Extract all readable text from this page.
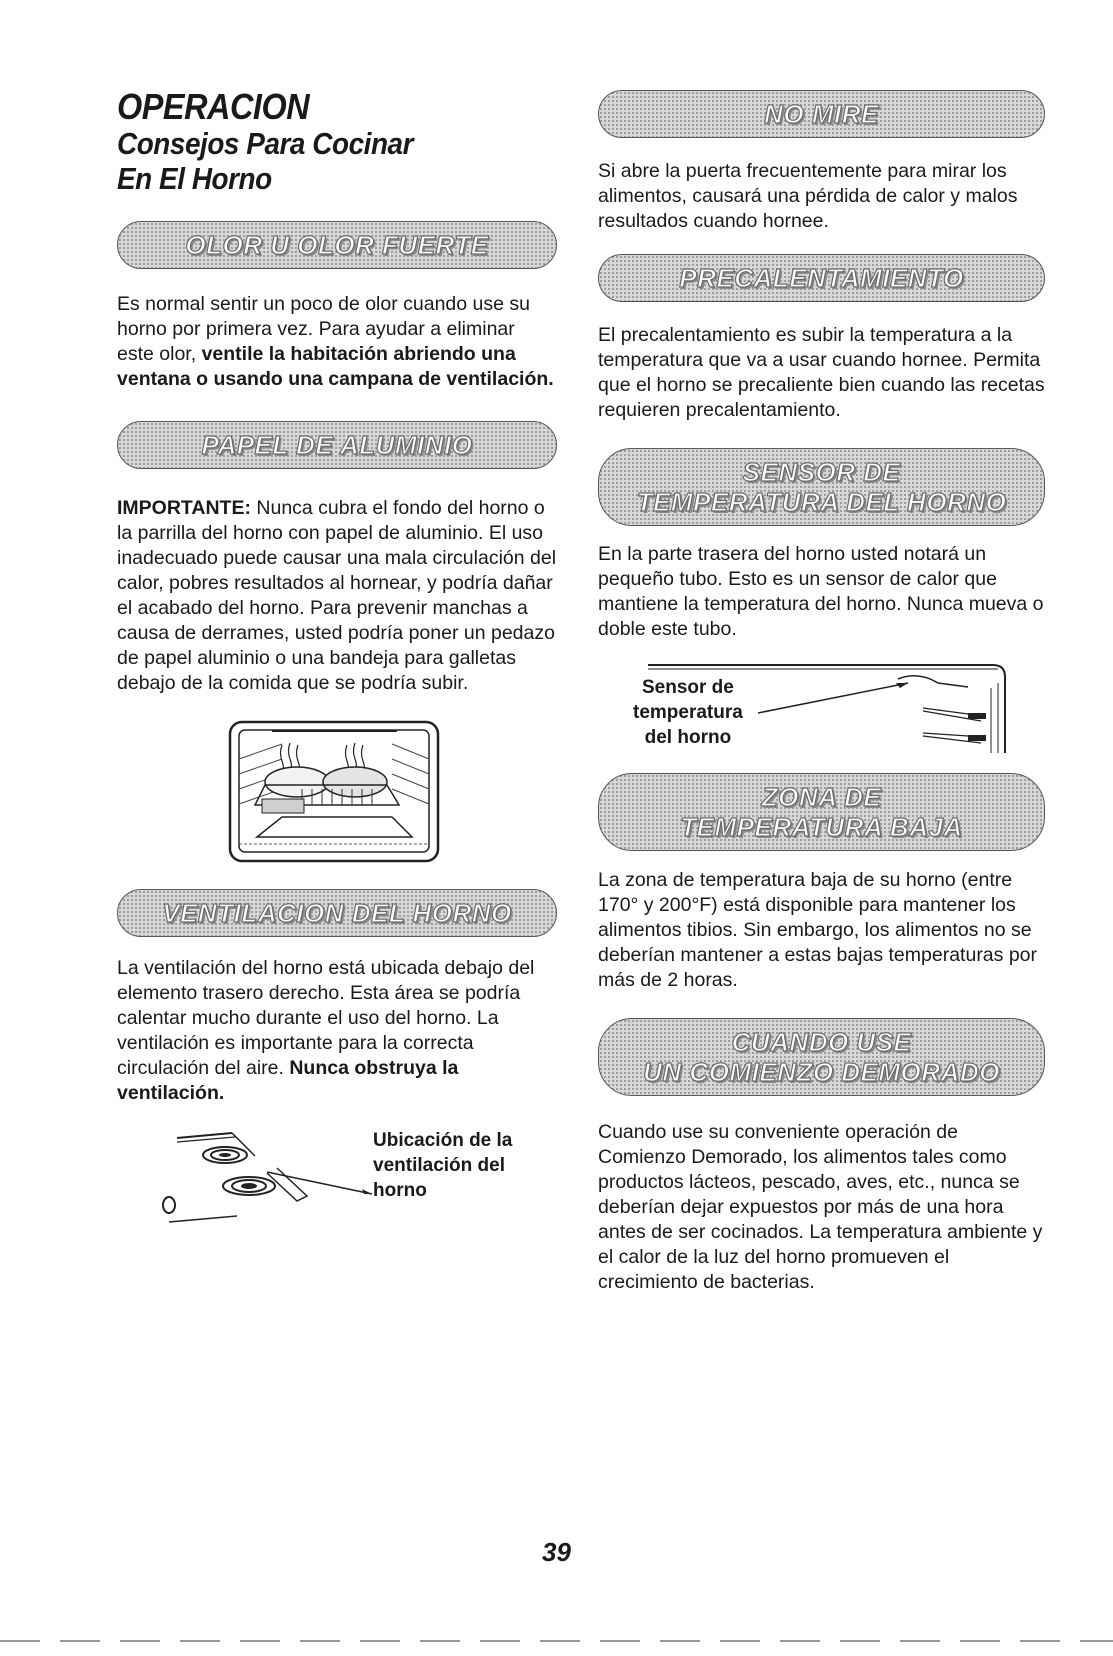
OPERACION
Consejos Para Cocinar
En El Horno
OLOR U OLOR FUERTE

Es normal sentir un poco de olor cuando use su horno por primera vez. Para ayudar a eliminar este olor, ventile la habitación abriendo una ventana o usando una campana de ventilación.

PAPEL DE ALUMINIO

IMPORTANTE: Nunca cubra el fondo del horno o la parrilla del horno con papel de aluminio. El uso inadecuado puede causar una mala circulación del calor, pobres resultados al hornear, y podría dañar el acabado del horno. Para prevenir manchas a causa de derrames, usted podría poner un pedazo de papel aluminio o una bandeja para galletas debajo de la comida que se podría subir.

VENTILACION DEL HORNO

La ventilación del horno está ubicada debajo del elemento trasero derecho. Esta área se podría calentar mucho durante el uso del horno. La ventilación es importante para la correcta circulación del aire. Nunca obstruya la ventilación.

Ubicación de la
ventilación del
horno
NO MIRE

Si abre la puerta frecuentemente para mirar los alimentos, causará una pérdida de calor y malos resultados cuando hornee.

PRECALENTAMIENTO

El precalentamiento es subir la temperatura a la temperatura que va a usar cuando hornee. Permita que el horno se precaliente bien cuando las recetas requieren precalentamiento.

SENSOR DE
TEMPERATURA DEL HORNO

En la parte trasera del horno usted notará un pequeño tubo. Esto es un sensor de calor que mantiene la temperatura del horno. Nunca mueva o doble este tubo.

Sensor de
temperatura
del horno
ZONA DE
TEMPERATURA BAJA

La zona de temperatura baja de su horno (entre 170° y 200°F) está disponible para mantener los alimentos tibios. Sin embargo, los alimentos no se deberían mantener a estas bajas temperaturas por más de 2 horas.

CUANDO USE
UN COMIENZO DEMORADO

Cuando use su conveniente operación de Comienzo Demorado, los alimentos tales como productos lácteos, pescado, aves, etc., nunca se deberían dejar expuestos por más de una hora antes de ser cocinados. La temperatura ambiente y el calor de la luz del horno promueven el crecimiento de bacterias.

39
